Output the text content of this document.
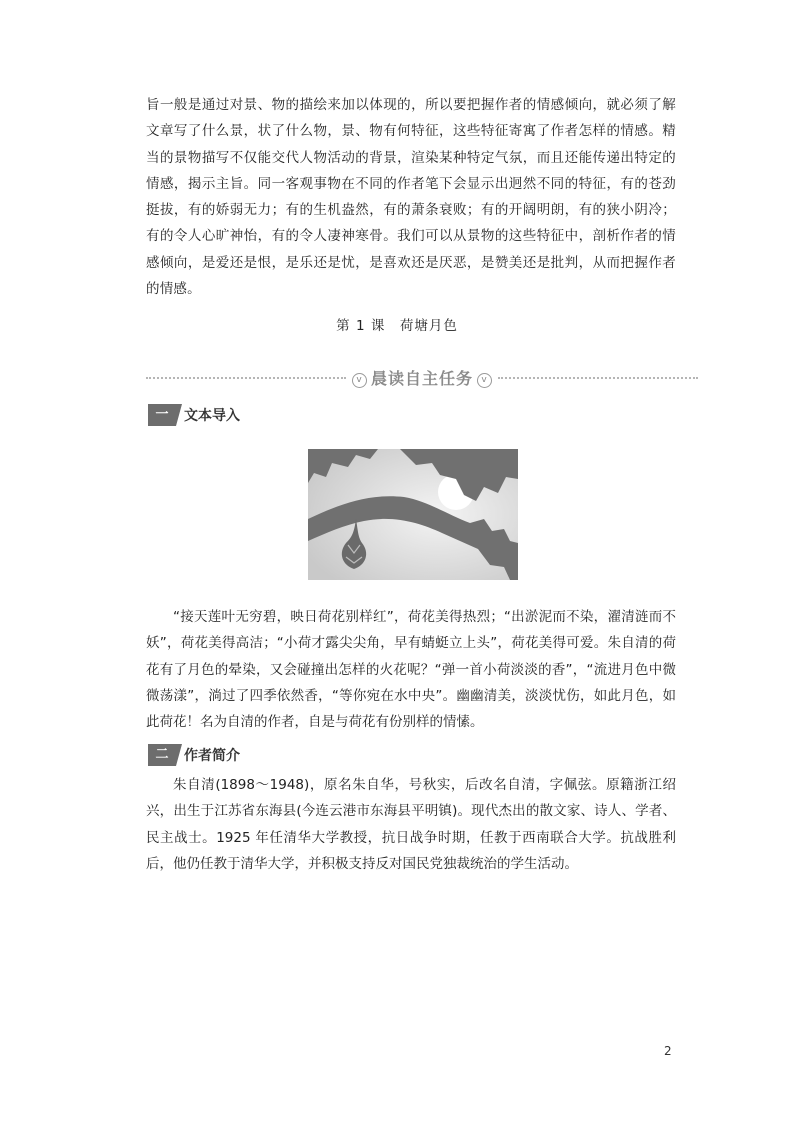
旨一般是通过对景、物的描绘来加以体现的，所以要把握作者的情感倾向，就必须了解文章写了什么景，状了什么物，景、物有何特征，这些特征寄寓了作者怎样的情感。精当的景物描写不仅能交代人物活动的背景，渲染某种特定气氛，而且还能传递出特定的情感，揭示主旨。同一客观事物在不同的作者笔下会显示出迥然不同的特征，有的苍劲挺拔，有的娇弱无力；有的生机盎然，有的萧条衰败；有的开阔明朗，有的狭小阴冷；有的令人心旷神怡，有的令人凄神寒骨。我们可以从景物的这些特征中，剖析作者的情感倾向，是爱还是恨，是乐还是忧，是喜欢还是厌恶，是赞美还是批判，从而把握作者的情感。

第 1 课　荷塘月色
v 晨读自主任务 v
一	文本导入

“接天莲叶无穷碧，映日荷花别样红”，荷花美得热烈；“出淤泥而不染，濯清涟而不妖”，荷花美得高洁；“小荷才露尖尖角，早有蜻蜓立上头”，荷花美得可爱。朱自清的荷花有了月色的晕染，又会碰撞出怎样的火花呢？“弹一首小荷淡淡的香”，“流进月色中微微荡漾”，淌过了四季依然香，“等你宛在水中央”。幽幽清美，淡淡忧伤，如此月色，如此荷花！名为自清的作者，自是与荷花有份别样的情愫。

二	作者简介

朱自清(1898～1948)，原名朱自华，号秋实，后改名自清，字佩弦。原籍浙江绍兴，出生于江苏省东海县(今连云港市东海县平明镇)。现代杰出的散文家、诗人、学者、民主战士。1925 年任清华大学教授，抗日战争时期，任教于西南联合大学。抗战胜利后，他仍任教于清华大学，并积极支持反对国民党独裁统治的学生活动。

2
